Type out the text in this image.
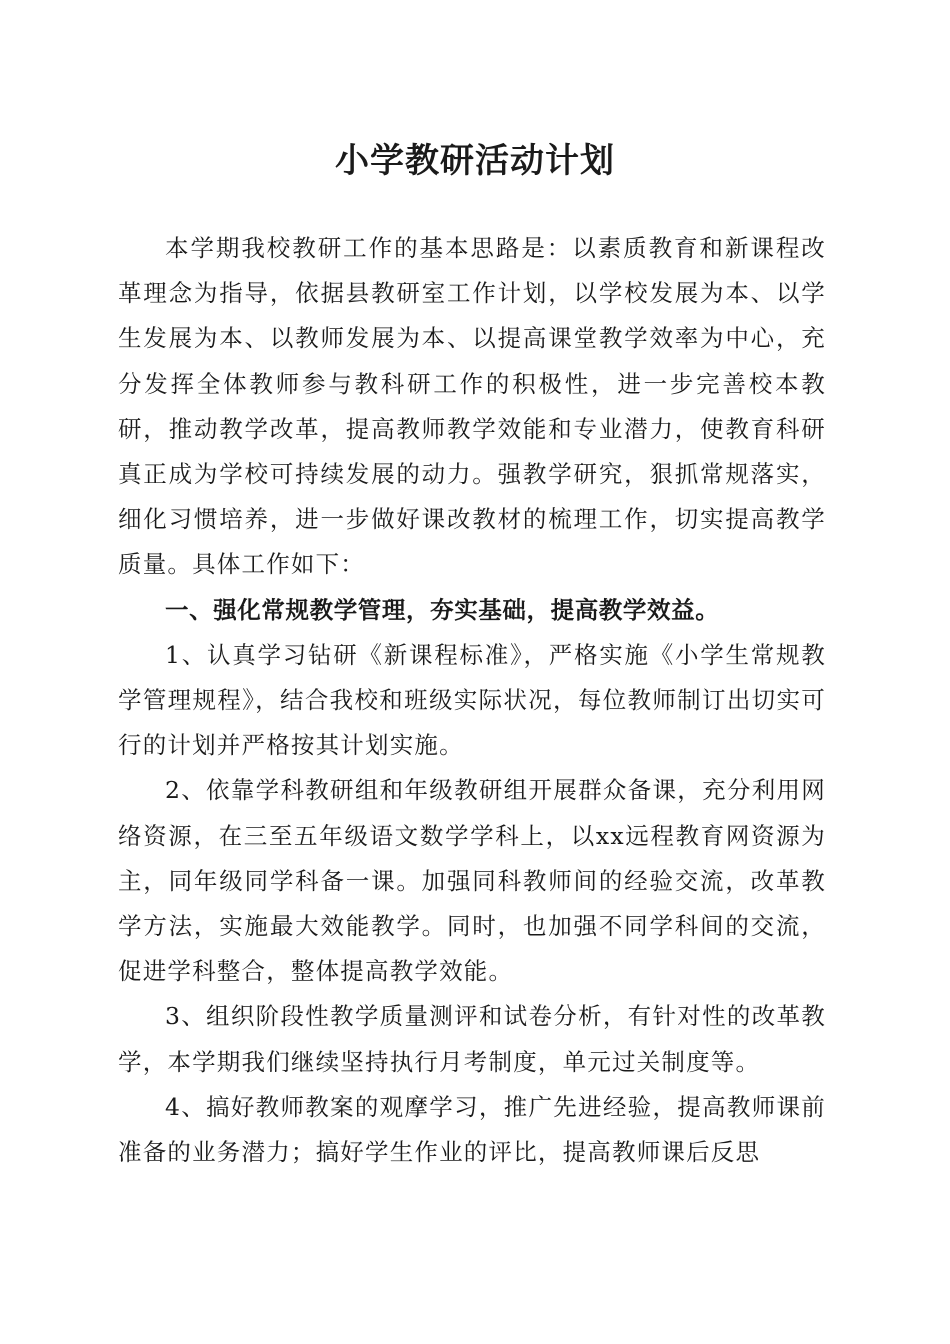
小学教研活动计划

本学期我校教研工作的基本思路是：以素质教育和新课程改革理念为指导，依据县教研室工作计划，以学校发展为本、以学生发展为本、以教师发展为本、以提高课堂教学效率为中心，充分发挥全体教师参与教科研工作的积极性，进一步完善校本教研，推动教学改革，提高教师教学效能和专业潜力，使教育科研真正成为学校可持续发展的动力。强教学研究，狠抓常规落实，细化习惯培养，进一步做好课改教材的梳理工作，切实提高教学质量。具体工作如下：

一、强化常规教学管理，夯实基础，提高教学效益。

1、认真学习钻研《新课程标准》，严格实施《小学生常规教学管理规程》，结合我校和班级实际状况，每位教师制订出切实可行的计划并严格按其计划实施。

2、依靠学科教研组和年级教研组开展群众备课，充分利用网络资源，在三至五年级语文数学学科上，以xx远程教育网资源为主，同年级同学科备一课。加强同科教师间的经验交流，改革教学方法，实施最大效能教学。同时，也加强不同学科间的交流，促进学科整合，整体提高教学效能。

3、组织阶段性教学质量测评和试卷分析，有针对性的改革教学，本学期我们继续坚持执行月考制度，单元过关制度等。

4、搞好教师教案的观摩学习，推广先进经验，提高教师课前准备的业务潜力；搞好学生作业的评比，提高教师课后反思
